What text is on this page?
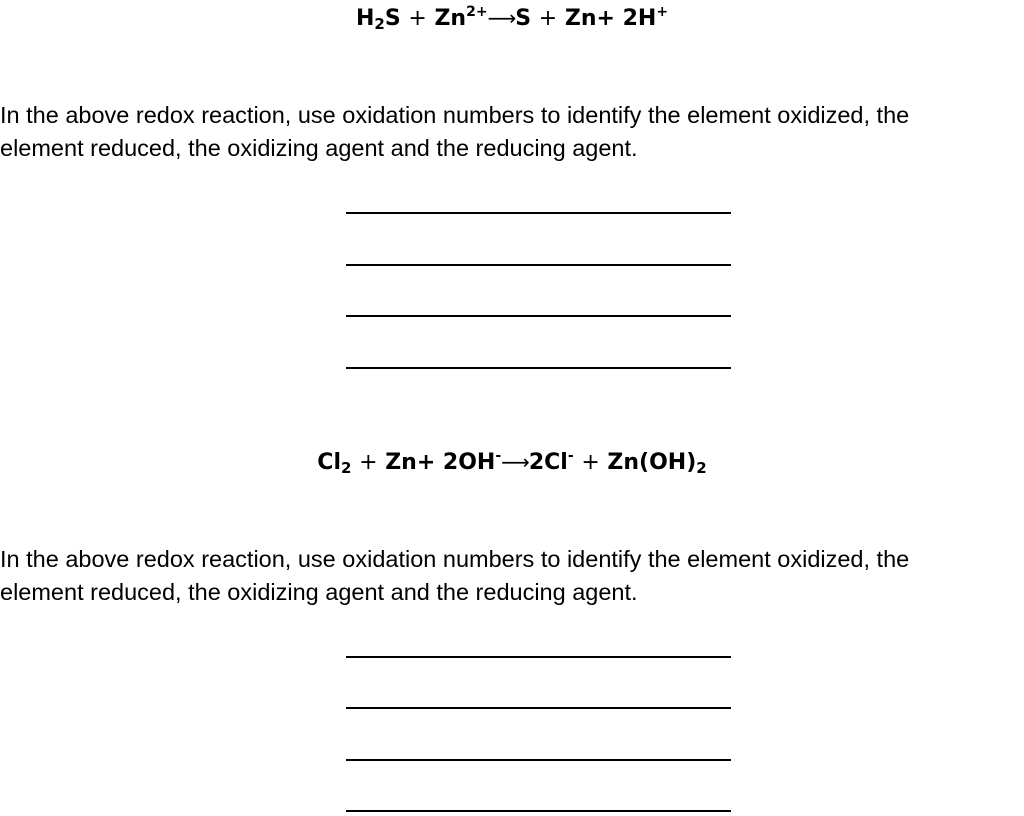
$H_2S$ + $Zn^{2+}⟶S + Zn+ 2H^+$
In the above redox reaction, use oxidation numbers to identify the element oxidized, the
element reduced, the oxidizing agent and the reducing agent.
$Cl_2 + Zn+$ 2OH-⟶2Cl- + $Zn(OH)_2$
In the above redox reaction, use oxidation numbers to identify the element oxidized, the
element reduced, the oxidizing agent and the reducing agent.
